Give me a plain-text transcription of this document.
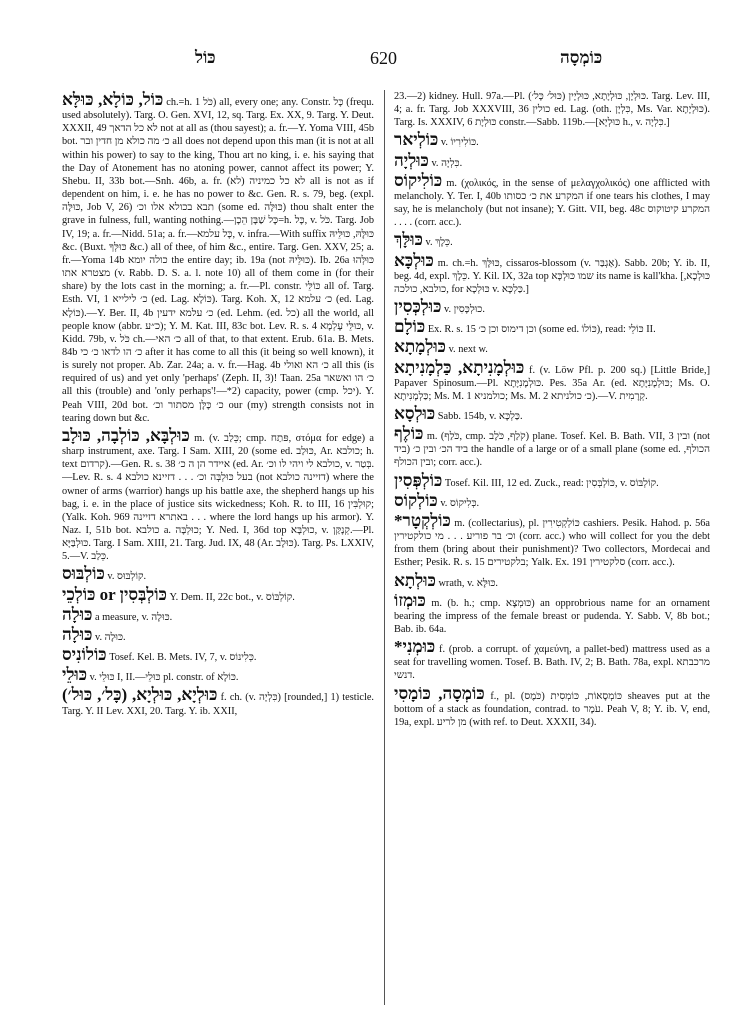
כּוֹל	620	כּוֹמְסָה
כּוֹל, כּוֹלָא, כּוּלָּא ch.=h. כֹּל 1) all, every one; any. Constr. כָּל (frequ. used absolutely). Targ. O. Gen. XVI, 12, sq. Targ. Ex. XX, 9. Targ. Y. Deut. XXXII, 49 לא כל הדאך not at all as (thou sayest); a. fr.—Y. Yoma VIII, 45b bot. כ׳ מה כולא מן חדין ובר all does not depend upon this man (it is not at all within his power) to say to the king, Thou art no king, i. e. his saying that the Day of Atonement has no atoning power, cannot affect its power; Y. Shebu. II, 33b bot.—Snh. 46b, a. fr. (לא) לא כל כמיניה all is not as if dependent on him, i. e. he has no power to &c. Gen. R. s. 79, beg. (expl. כּוּלָּה, Job V, 26) תבא בכולא אלו וכ׳ (some ed. כּוּלָּה) thou shalt enter the grave in fulness, full, wanting nothing.—כָּל שַׁבָּן הֵכָן=h. כָּל, v. כֹּל. Targ. Job IV, 19; a. fr.—Nidd. 51a; a. fr.—כָּל עלמא, v. infra.—With suffix כּוּלָּהּ, כּוּלֵּיהּ &c. (Buxt. כּוּלְּךָ &c.) all of thee, of him &c., entire. Targ. Gen. XXV, 25; a. fr.—Yoma 14b כולה יומא the entire day; ib. 19a (not כּוּלֵּיהּ). Ib. 26a כּוּלְּהוּ מצטרא אתו (v. Rabb. D. S. a. l. note 10) all of them come in (for their share) by the lots cast in the morning; a. fr.—Pl. constr. כּוֹלֵּי all of. Targ. Esth. VI, 1 כ׳ לילייא (ed. Lag. כּוֹלָא). Targ. Koh. X, 12 כ׳ עלמא (ed. Lag. כּוֹלָא).—Y. Ber. II, 4b כ׳ עלמא ידעין (ed. Lehm. (ed. כל) all the world, all people know (abbr. כ״ע); Y. M. Kat. III, 83c bot. Lev. R. s. 4 כּוּלֵּי עָלְמָא, v. Kidd. 79b, v. כֹּל ch.—כ׳ האי all of that, to that extent. Erub. 61a. B. Mets. 84b כ׳ הו לדאו כ׳ כי after it has come to all this (it being so well known), it is surely not proper. Ab. Zar. 24a; a. v. fr.—Hag. 4b כ׳ הא ואולי all this (is required of us) and yet only 'perhaps' (Zeph. II, 3)! Taan. 25a כ׳ הו ואשאר all this (trouble) and 'only perhaps'!—*2) capacity, power (cmp. יכל). Y. Peah VIII, 20d bot. כ׳ כָּלָּן מסתור וכ׳ our (my) strength consists not in tearing down but &c.
כּוּלְבָּא, כּוֹלְבָה, כּוּלָב m. (v. כֵּלַב; cmp. פּתַח, στόμα for edge) a sharp instrument, axe. Targ. I Sam. XIII, 20 (some ed. כּוּלַב, Ar. כולבא; h. text קרדום).—Gen. R. s. 38 איידר הן ה כ׳ (ed. Ar. כולבא לי ויהי לו וכ׳, v. בְּטַר.—Lev. R. s. 4 בעל כּוּלְבְּה וכ׳ . . . דזיינא כולבא (not דזיינה כולבא) where the owner of arms (warrior) hangs up his battle axe, the shepherd hangs up his bag, i. e. in the place of justice sits wickedness; Koh. R. to III, 16 קוּלְבִּין; (Yalk. Koh. 969 באתרא דזיינה . . . where the lord hangs up his armor). Y. Naz. I, 51b bot. כולבא a. כוּלְבָּה; Y. Ned. I, 36d top כוּלְבָּא, v. קְנָקַּן.—Pl. כּוּלְבַּיָּא. Targ. I Sam. XIII, 21. Targ. Jud. IX, 48 (Ar. כּוּלָב). Targ. Ps. LXXIV, 5.—V. כֵּלַב.
כּוֹלְבּוּס v. קוֹלְבּוּס.
כּוֹלְכֵי or כּוֹלְבְּסִין Y. Dem. II, 22c bot., v. קוֹלְבּוֹס.
כּוּלָה a measure, v. כּוּלָה.
כּוּלָה v. כּוּלָה.
כּוֹלוֹנִיס Tosef. Kel. B. Mets. IV, 7, v. כְּלִינוֹס.
כּוּלֵי v. כּוּלֵי I, II.—כּוּלֵי pl. constr. of כּוֹלָא.
כּוּלְיָא, כּוּלְיָא, (כָּל׳, כּוּל׳) f. ch. (v. כִּלְיָה) [rounded,] 1) testicle. Targ. Y. II Lev. XXI, 20. Targ. Y. ib. XXII,
23.—2) kidney. Hull. 97a.—Pl. כּוּלְיָן, כּוּלְיָתָא, כּוּלְיָין (כּוּל׳ כָּל׳). Targ. Lev. III, 4; a. fr. Targ. Job XXXVIII, 36 כולין ed. Lag. (oth. כִּלְיָן, Ms. Var. כּוּלְיָתָא). Targ. Is. XXXIV, 6 כּוּלְיָת constr.—Sabb. 119b.—[כּוּלְיָא h., v. כִּלְיָה.]
כּוֹלְיאר v. כּוֹלִירִיוֹ.
כּוּלְיָה v. כִּלְיָה.
כּוֹלִיקוֹס m. (χολικός, in the sense of μελαγχολικός) one afflicted with melancholy. Y. Ter. I, 40b המקרע את כ׳ כסותו if one tears his clothes, I may say, he is melancholy (but not insane); Y. Gitt. VII, beg. 48c המקרע קיטוקוס . . . . (corr. acc.).
כּוּלָּךְ v. כֵּלָךְ.
כּוּלְכָּא m. ch.=h. כּוּלָּךְ, cissaros-blossom (v. אַגְבַּר). Sabb. 20b; Y. ib. II, beg. 4d, expl. כֵּלָךְ. Y. Kil. IX, 32a top שמו כּוּלְכָּא its name is kall'kha. [כּוּלְכָא, כולבא, כולכה, for כּוּלְכָא v. כַּלְכָּא.]
כּוּלְכְּסִין v. כוּלְכָּסִין.
כּוֹלָם Ex. R. s. 15 וכן דימוס וכן כ׳ (some ed. כּוֹלוֹ), read: כּוֹלֵי II.
כּוּלְמָתָא v. next w.
כּוּלְמָנִיתָא, כַּלְמָנִיתָא f. (v. Löw Pfl. p. 200 sq.) [Little Bride,] Papaver Spinosum.—Pl. כּוּלְמָנִיָּתָא. Pes. 35a Ar. (ed. כּוּלְמָנִיָּתָא; Ms. O. כַּלְמָנִיתָא; Ms. M. 1 כולמניא; Ms. M. 2 כ׳ כולניתא).—V. קְרָמִית.
כּוּלְסָא Sabb. 154b, v. כַּלְכָּא.
כּוֹלֶף m. (כֹּלַף, cmp. קֹלַף, כֹּלֶב) plane. Tosef. Kel. B. Bath. VII, 3 ובין (not ביד) ביד הכ׳ ובין כ׳ the handle of a large or of a small plane (some ed. הכולף, ובין הכולף; corr. acc.).
כּוֹלְפְּסִין Tosef. Kil. III, 12 ed. Zuck., read: כּוֹלְבְּסִין, v. קוֹלְבּוֹס.
כּוֹלְקוֹס v. כְּלִיקוֹס.
*כּוֹלְקְטָר m. (collectarius), pl. כּוֹלְקְטִירִין cashiers. Pesik. Hahod. p. 56a וכ׳ בר פוריע . . . מי כולקטירין (corr. acc.) who will collect for you the debt from them (bring about their punishment)? Two collectors, Mordecai and Esther; Pesik. R. s. 15 בלקטירים; Yalk. Ex. 191 סלקטירין (corr. acc.).
כּוּלְתָא wrath, v. כּוּלָּא.
כּוּמְזוֹ m. (b. h.; cmp. כּוּמְצָא) an opprobrious name for an ornament bearing the impress of the female breast or pudenda. Y. Sabb. V, 8b bot.; Bab. ib. 64a.
*כּוּמְנִי f. (prob. a corrupt. of χαμεύνη, a pallet-bed) mattress used as a seat for travelling women. Tosef. B. Bath. IV, 2; B. Bath. 78a, expl. מרכבתא דנשי.
כּוֹמְסָה, כּוֹמָסִי f., pl. כּוֹמְסָאוֹת, כּוֹמְסִית (כֹּמֶס) sheaves put at the bottom of a stack as foundation, contrad. to עֹמֶר. Peah V, 8; Y. ib. V, end, 19a, expl. מן לריע (with ref. to Deut. XXXII, 34).
